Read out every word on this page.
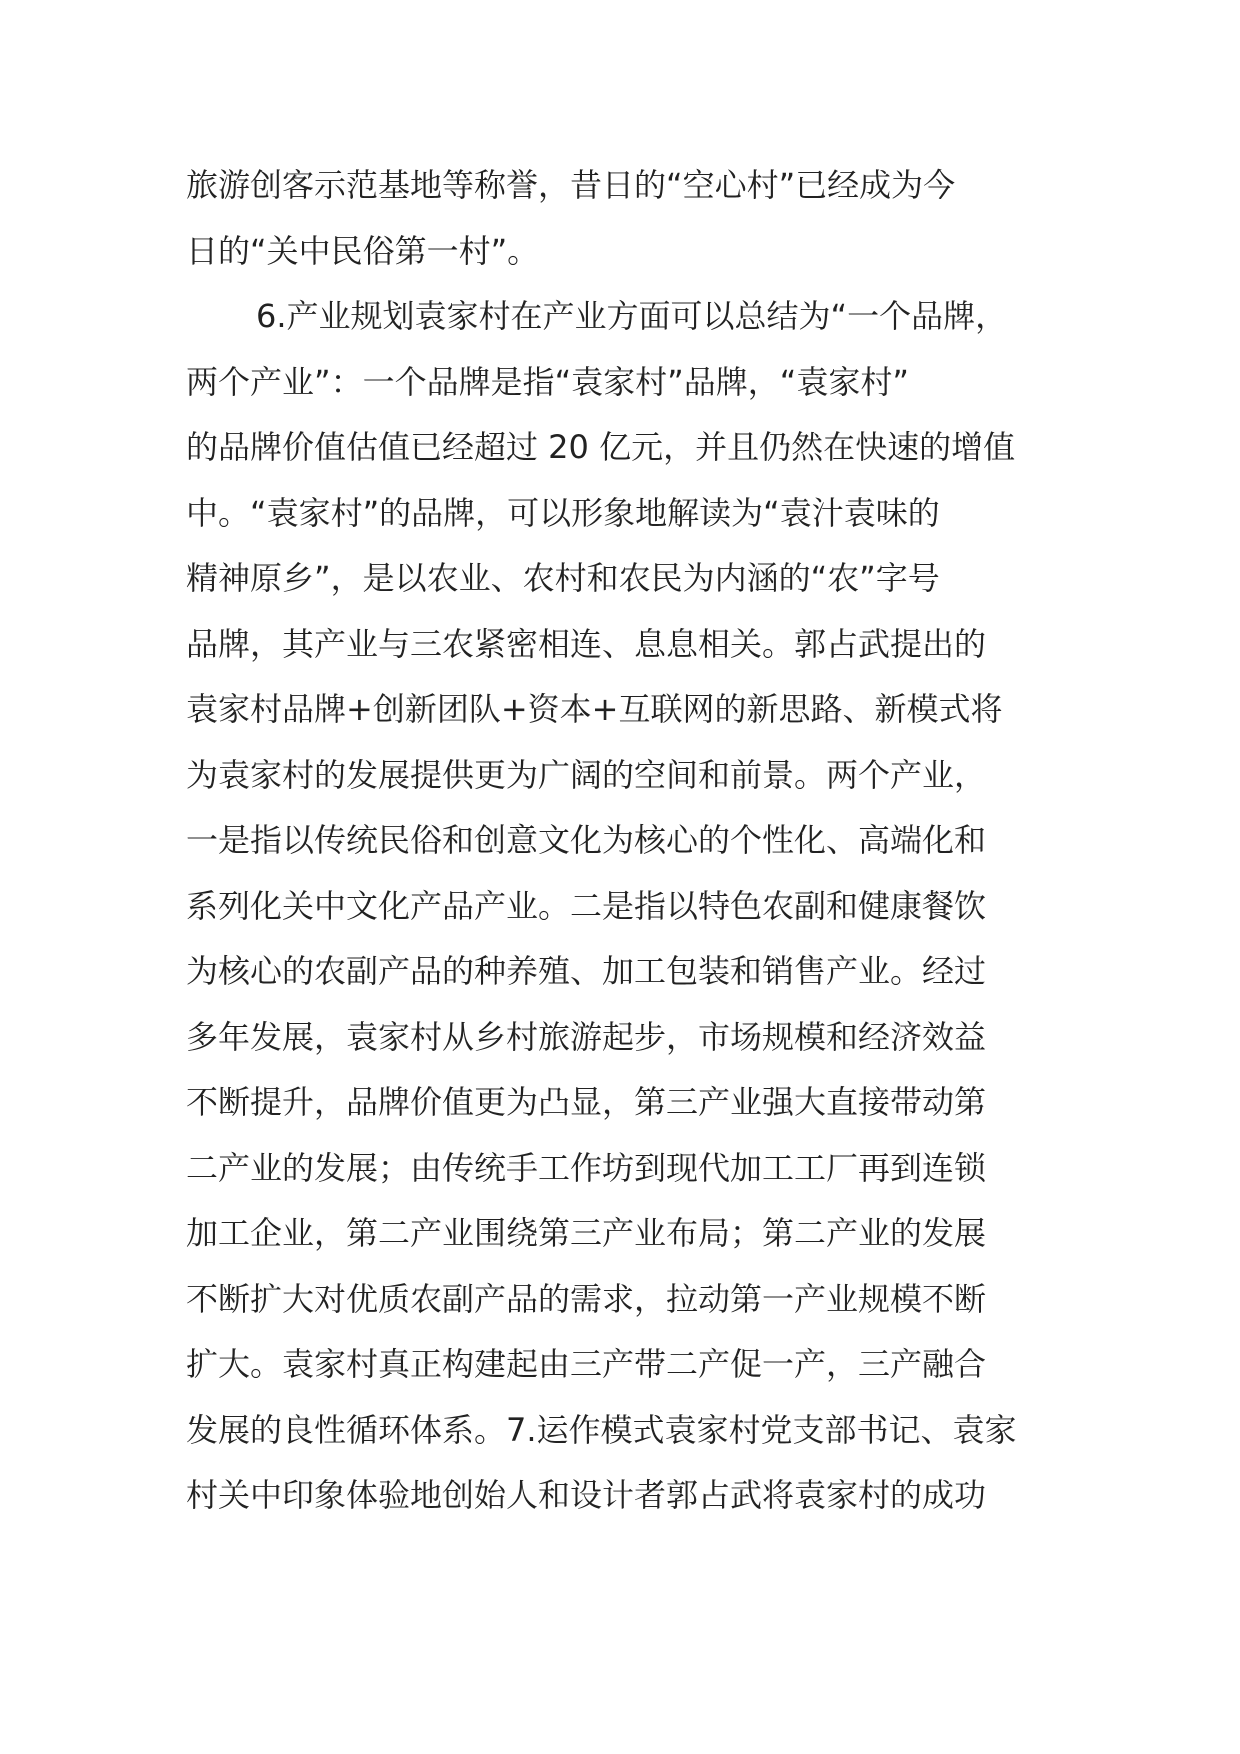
旅游创客示范基地等称誉，昔日的“空心村”已经成为今
日的“关中民俗第一村”。
6.产业规划袁家村在产业方面可以总结为“一个品牌，
两个产业”：一个品牌是指“袁家村”品牌，“袁家村”
的品牌价值估值已经超过 20 亿元，并且仍然在快速的增值
中。“袁家村”的品牌，可以形象地解读为“袁汁袁味的
精神原乡”，是以农业、农村和农民为内涵的“农”字号
品牌，其产业与三农紧密相连、息息相关。郭占武提出的
袁家村品牌+创新团队+资本+互联网的新思路、新模式将
为袁家村的发展提供更为广阔的空间和前景。两个产业，
一是指以传统民俗和创意文化为核心的个性化、高端化和
系列化关中文化产品产业。二是指以特色农副和健康餐饮
为核心的农副产品的种养殖、加工包装和销售产业。经过
多年发展，袁家村从乡村旅游起步，市场规模和经济效益
不断提升，品牌价值更为凸显，第三产业强大直接带动第
二产业的发展；由传统手工作坊到现代加工工厂再到连锁
加工企业，第二产业围绕第三产业布局；第二产业的发展
不断扩大对优质农副产品的需求，拉动第一产业规模不断
扩大。袁家村真正构建起由三产带二产促一产，三产融合
发展的良性循环体系。7.运作模式袁家村党支部书记、袁家
村关中印象体验地创始人和设计者郭占武将袁家村的成功
